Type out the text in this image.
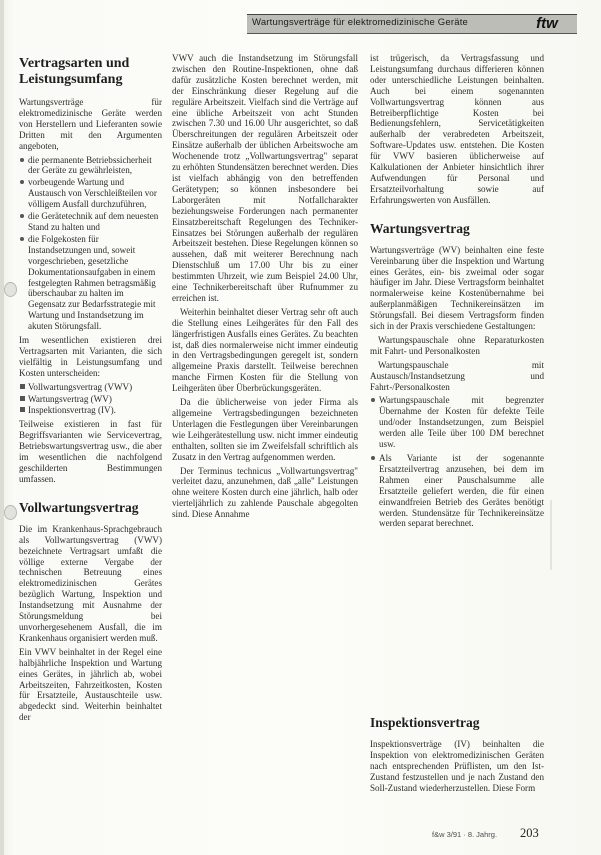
Wartungsverträge für elektromedizinische Geräte	ftw
Vertragsarten und Leistungsumfang

Wartungsverträge für elektromedizinische Geräte werden von Herstellern und Lieferanten sowie Dritten mit den Argumenten angeboten,

die permanente Betriebssicherheit der Geräte zu gewährleisten,
vorbeugende Wartung und Austausch von Verschleißteilen vor völligem Ausfall durchzuführen,
die Gerätetechnik auf dem neuesten Stand zu halten und
die Folgekosten für Instandsetzungen und, soweit vorgeschrieben, gesetzliche Dokumentationsaufgaben in einem festgelegten Rahmen betragsmäßig überschaubar zu halten im Gegensatz zur Bedarfsstrategie mit Wartung und Instandsetzung im akuten Störungsfall.

Im wesentlichen existieren drei Vertragsarten mit Varianten, die sich vielfältig in Leistungsumfang und Kosten unterscheiden:

Vollwartungsvertrag (VWV)
Wartungsvertrag (WV)
Inspektionsvertrag (IV).

Teilweise existieren in fast für Begriffsvarianten wie Servicevertrag, Betriebswartungsvertrag usw., die aber im wesentlichen die nachfolgend geschilderten Bestimmungen umfassen.

Vollwartungsvertrag

Die im Krankenhaus-Sprachgebrauch als Vollwartungsvertrag (VWV) bezeichnete Vertragsart umfaßt die völlige externe Vergabe der technischen Betreuung eines elektromedizinischen Gerätes bezüglich Wartung, Inspektion und Instandsetzung mit Ausnahme der Störungsmeldung bei unvorhergesehenem Ausfall, die im Krankenhaus organisiert werden muß.

Ein VWV beinhaltet in der Regel eine halbjährliche Inspektion und Wartung eines Gerätes, in jährlich ab, wobei Arbeitszeiten, Fahrzeitkosten, Kosten für Ersatzteile, Austauschteile usw. abgedeckt sind. Weiterhin beinhaltet der

VWV auch die Instandsetzung im Störungsfall zwischen den Routine-Inspektionen, ohne daß dafür zusätzliche Kosten berechnet werden, mit der Einschränkung dieser Regelung auf die reguläre Arbeitszeit. Vielfach sind die Verträge auf eine übliche Arbeitszeit von acht Stunden zwischen 7.30 und 16.00 Uhr ausgerichtet, so daß Überschreitungen der regulären Arbeitszeit oder Einsätze außerhalb der üblichen Arbeitswoche am Wochenende trotz „Vollwartungsvertrag" separat zu erhöhten Stundensätzen berechnet werden. Dies ist vielfach abhängig von den betreffenden Gerätetypen; so können insbesondere bei Laborgeräten mit Notfallcharakter beziehungsweise Forderungen nach permanenter Einsatzbereitschaft Regelungen des Techniker-Einsatzes bei Störungen außerhalb der regulären Arbeitszeit bestehen. Diese Regelungen können so aussehen, daß mit weiterer Berechnung nach Dienstschluß um 17.00 Uhr bis zu einer bestimmten Uhrzeit, wie zum Beispiel 24.00 Uhr, eine Technikerbereitschaft über Rufnummer zu erreichen ist.

Weiterhin beinhaltet dieser Vertrag sehr oft auch die Stellung eines Leihgerätes für den Fall des längerfristigen Ausfalls eines Gerätes. Zu beachten ist, daß dies normalerweise nicht immer eindeutig in den Vertragsbedingungen geregelt ist, sondern allgemeine Praxis darstellt. Teilweise berechnen manche Firmen Kosten für die Stellung von Leihgeräten über Überbrückungsgeräten.

Da die üblicherweise von jeder Firma als allgemeine Vertragsbedingungen bezeichneten Unterlagen die Festlegungen über Vereinbarungen wie Leihgerätestellung usw. nicht immer eindeutig enthalten, sollten sie im Zweifelsfall schriftlich als Zusatz in den Vertrag aufgenommen werden.

Der Terminus technicus „Vollwartungsvertrag" verleitet dazu, anzunehmen, daß „alle" Leistungen ohne weitere Kosten durch eine jährlich, halb oder vierteljährlich zu zahlende Pauschale abgegolten sind. Diese Annahme

ist trügerisch, da Vertragsfassung und Leistungsumfang durchaus differieren können oder unterschiedliche Leistungen beinhalten. Auch bei einem sogenannten Vollwartungsvertrag können aus Betreiberpflichtige Kosten bei Bedienungsfehlern, Servicetätigkeiten außerhalb der verabredeten Arbeitszeit, Software-Updates usw. entstehen. Die Kosten für VWV basieren üblicherweise auf Kalkulationen der Anbieter hinsichtlich ihrer Aufwendungen für Personal und Ersatzteilvorhaltung sowie auf Erfahrungswerten von Ausfällen.

Wartungsvertrag

Wartungsverträge (WV) beinhalten eine feste Vereinbarung über die Inspektion und Wartung eines Gerätes, ein- bis zweimal oder sogar häufiger im Jahr. Diese Vertragsform beinhaltet normalerweise keine Kostenübernahme bei außerplanmäßigen Technikereinsätzen im Störungsfall. Bei diesem Vertragsform finden sich in der Praxis verschiedene Gestaltungen:

Wartungspauschale ohne Reparaturkosten mit Fahrt- und Personalkosten

Wartungspauschale mit Austausch/Instandsetzung und Fahrt-/Personalkosten

Wartungspauschale mit begrenzter Übernahme der Kosten für defekte Teile und/oder Instandsetzungen, zum Beispiel werden alle Teile über 100 DM berechnet usw.

Als Variante ist der sogenannte Ersatzteilvertrag anzusehen, bei dem im Rahmen einer Pauschalsumme alle Ersatzteile geliefert werden, die für einen einwandfreien Betrieb des Gerätes benötigt werden. Stundensätze für Technikereinsätze werden separat berechnet.

Inspektionsvertrag

Inspektionsverträge (IV) beinhalten die Inspektion von elektromedizinischen Geräten nach entsprechenden Prüflisten, um den Ist-Zustand festzustellen und je nach Zustand den Soll-Zustand wiederherzustellen. Diese Form

f&w 3/91 · 8. Jahrg.	203
